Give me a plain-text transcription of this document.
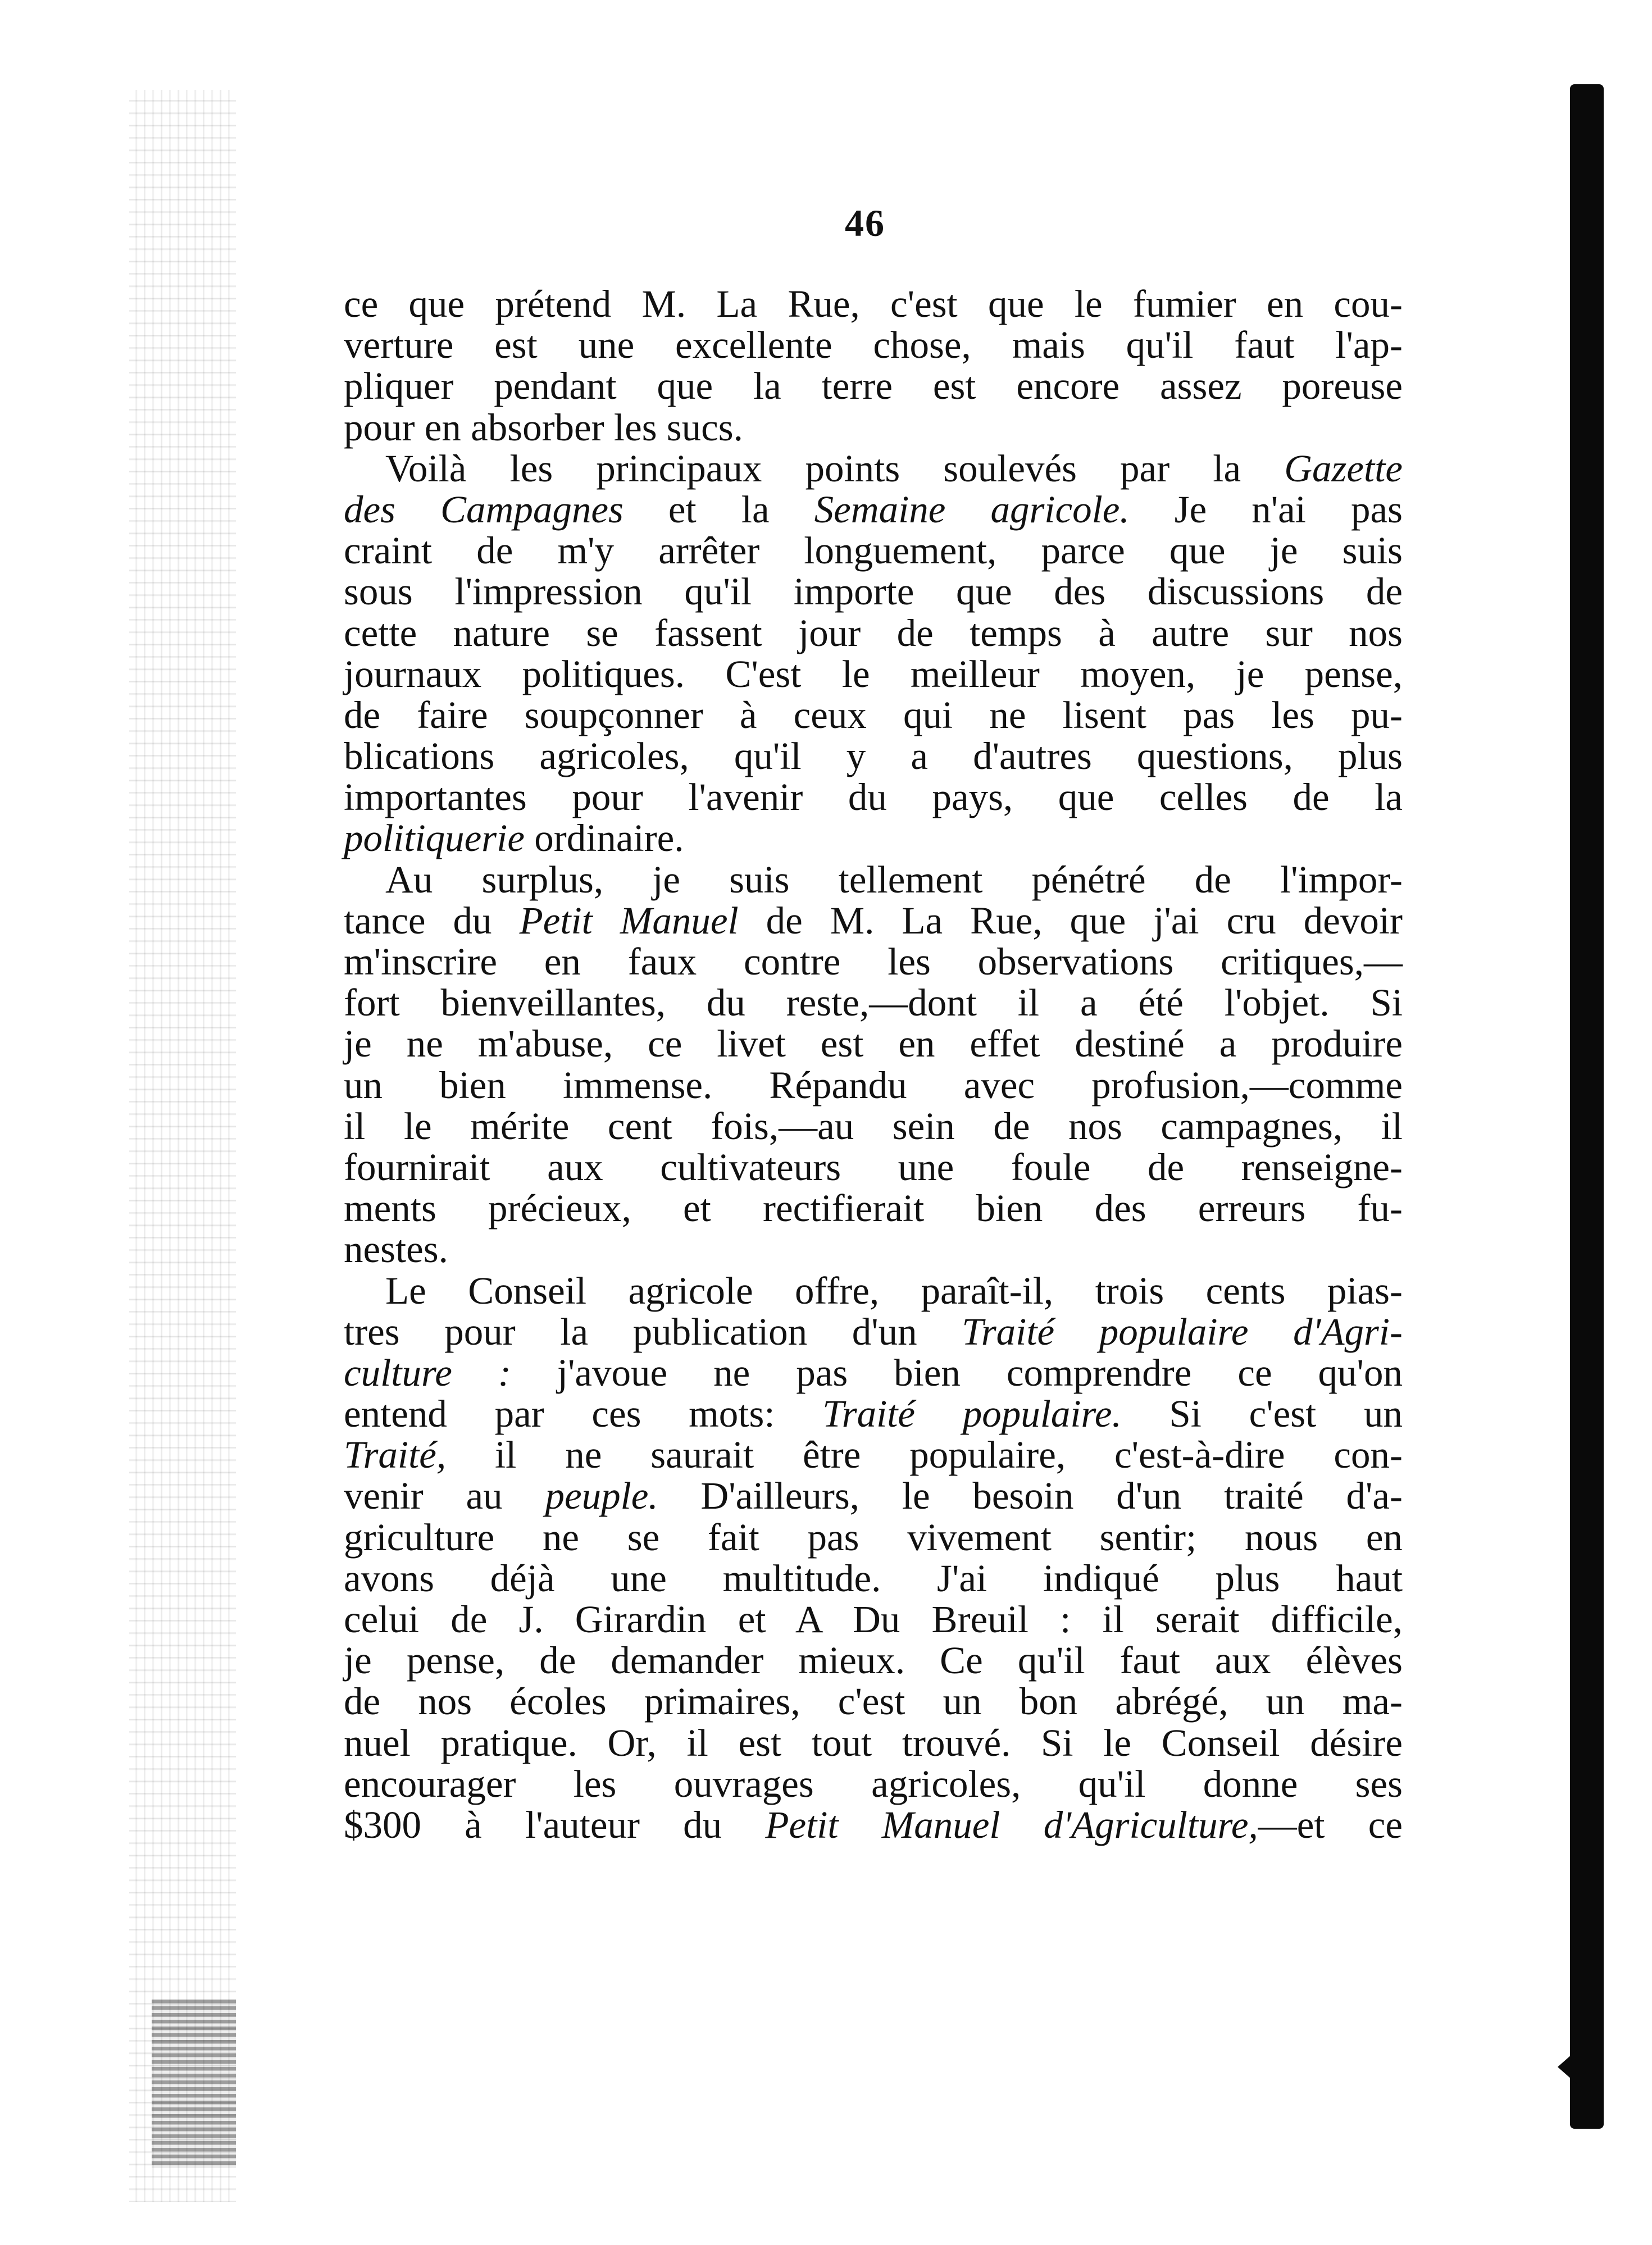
46
ce que prétend M. La Rue, c'est que le fumier en cou-
verture est une excellente chose, mais qu'il faut l'ap-
pliquer pendant que la terre est encore assez poreuse
pour en absorber les sucs.
Voilà les principaux points soulevés par la Gazette
des Campagnes et la Semaine agricole. Je n'ai pas
craint de m'y arrêter longuement, parce que je suis
sous l'impression qu'il importe que des discussions de
cette nature se fassent jour de temps à autre sur nos
journaux politiques. C'est le meilleur moyen, je pense,
de faire soupçonner à ceux qui ne lisent pas les pu-
blications agricoles, qu'il y a d'autres questions, plus
importantes pour l'avenir du pays, que celles de la
politiquerie ordinaire.
Au surplus, je suis tellement pénétré de l'impor-
tance du Petit Manuel de M. La Rue, que j'ai cru devoir
m'inscrire en faux contre les observations critiques,—
fort bienveillantes, du reste,—dont il a été l'objet. Si
je ne m'abuse, ce livet est en effet destiné a produire
un bien immense. Répandu avec profusion,—comme
il le mérite cent fois,—au sein de nos campagnes, il
fournirait aux cultivateurs une foule de renseigne-
ments précieux, et rectifierait bien des erreurs fu-
nestes.
Le Conseil agricole offre, paraît-il, trois cents pias-
tres pour la publication d'un Traité populaire d'Agri-
culture : j'avoue ne pas bien comprendre ce qu'on
entend par ces mots: Traité populaire. Si c'est un
Traité, il ne saurait être populaire, c'est-à-dire con-
venir au peuple. D'ailleurs, le besoin d'un traité d'a-
griculture ne se fait pas vivement sentir; nous en
avons déjà une multitude. J'ai indiqué plus haut
celui de J. Girardin et A Du Breuil : il serait difficile,
je pense, de demander mieux. Ce qu'il faut aux élèves
de nos écoles primaires, c'est un bon abrégé, un ma-
nuel pratique. Or, il est tout trouvé. Si le Conseil désire
encourager les ouvrages agricoles, qu'il donne ses
$300 à l'auteur du Petit Manuel d'Agriculture,—et ce
